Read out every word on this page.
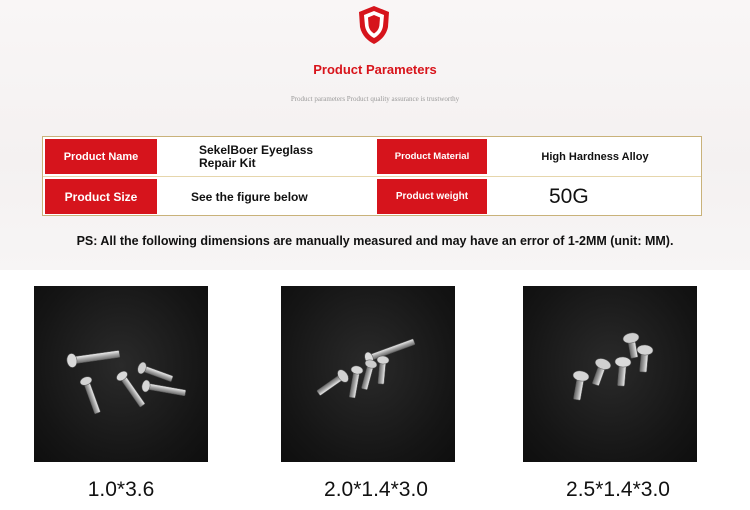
Product Parameters
Product parameters Product quality assurance is trustworthy
Product Name	SekelBoer Eyeglass Repair Kit	Product Material	High Hardness Alloy
Product Size	See the figure below	Product weight	50G
PS: All the following dimensions are manually measured and may have an error of 1-2MM (unit: MM).
1.0*3.6	2.0*1.4*3.0	2.5*1.4*3.0
